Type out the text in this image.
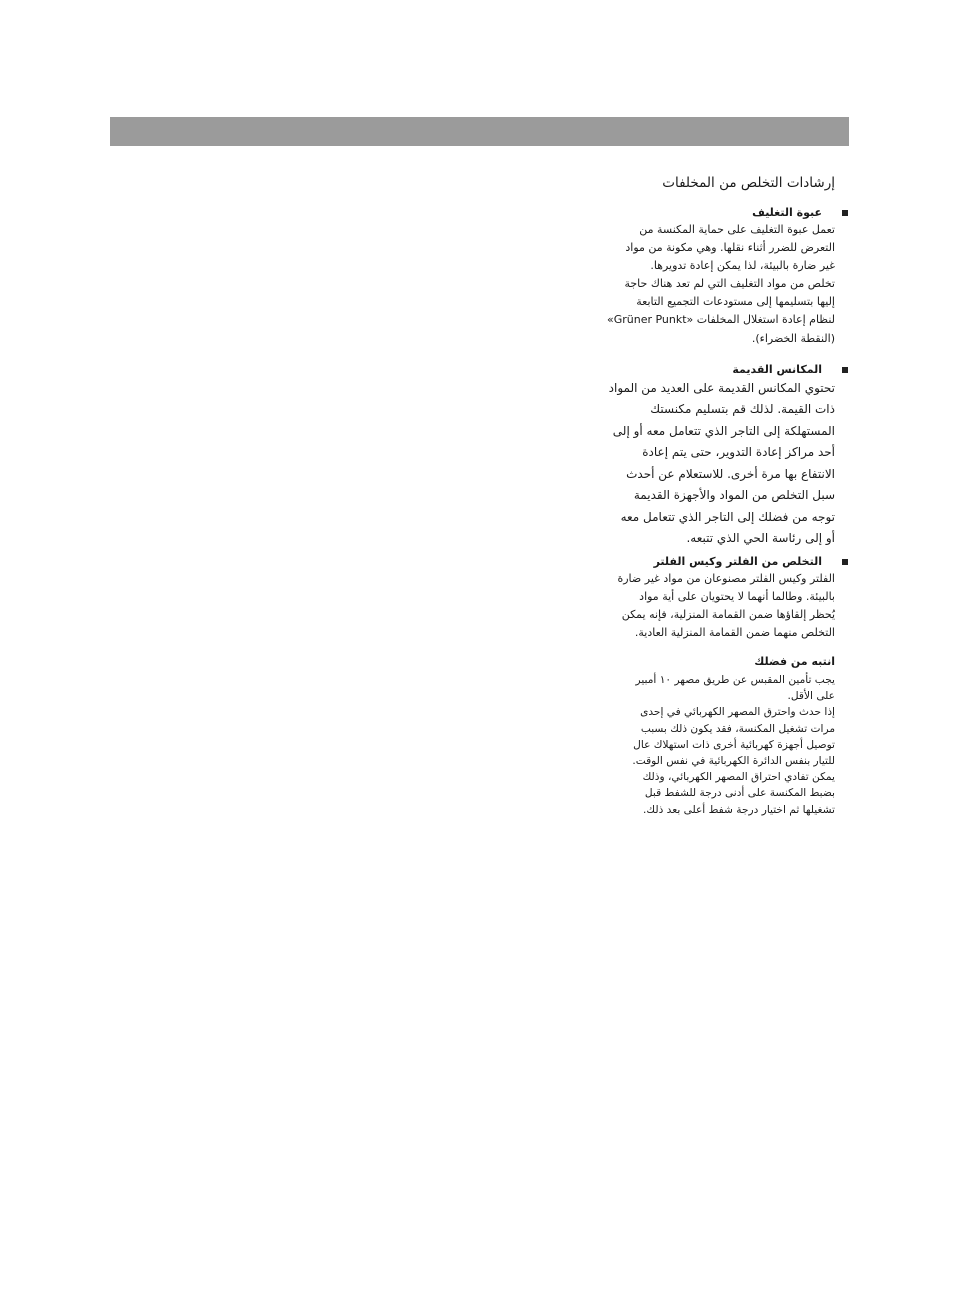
إرشادات التخلص من المخلفات
عبوة التغليف

تعمل عبوة التغليف على حماية المكنسة من
التعرض للضرر أثناء نقلها. وهي مكونة من مواد
غير ضارة بالبيئة، لذا يمكن إعادة تدويرها.
تخلص من مواد التغليف التي لم تعد هناك حاجة
إليها بتسليمها إلى مستودعات التجميع التابعة
لنظام إعادة استغلال المخلفات «Grüner Punkt»
(النقطة الخضراء).

المكانس القديمة

تحتوي المكانس القديمة على العديد من المواد
ذات القيمة. لذلك قم بتسليم مكنستك
المستهلكة إلى التاجر الذي تتعامل معه أو إلى
أحد مراكز إعادة التدوير، حتى يتم إعادة
الانتفاع بها مرة أخرى. للاستعلام عن أحدث
سبل التخلص من المواد والأجهزة القديمة
توجه من فضلك إلى التاجر الذي تتعامل معه
أو إلى رئاسة الحي الذي تتبعه.

التخلص من الفلتر وكيس الفلتر

الفلتر وكيس الفلتر مصنوعان من مواد غير ضارة
بالبيئة. وطالما أنهما لا يحتويان على أية مواد
يُحظر إلقاؤها ضمن القمامة المنزلية، فإنه يمكن
التخلص منهما ضمن القمامة المنزلية العادية.

انتبه من فضلك

يجب تأمين المقبس عن طريق مصهر ١٠ أمبير
على الأقل.
إذا حدث واحترق المصهر الكهربائي في إحدى
مرات تشغيل المكنسة، فقد يكون ذلك بسبب
توصيل أجهزة كهربائية أخرى ذات استهلاك عال
للتيار بنفس الدائرة الكهربائية في نفس الوقت.
يمكن تفادي احتراق المصهر الكهربائي، وذلك
بضبط المكنسة على أدنى درجة للشفط قبل
تشغيلها ثم اختيار درجة شفط أعلى بعد ذلك.
